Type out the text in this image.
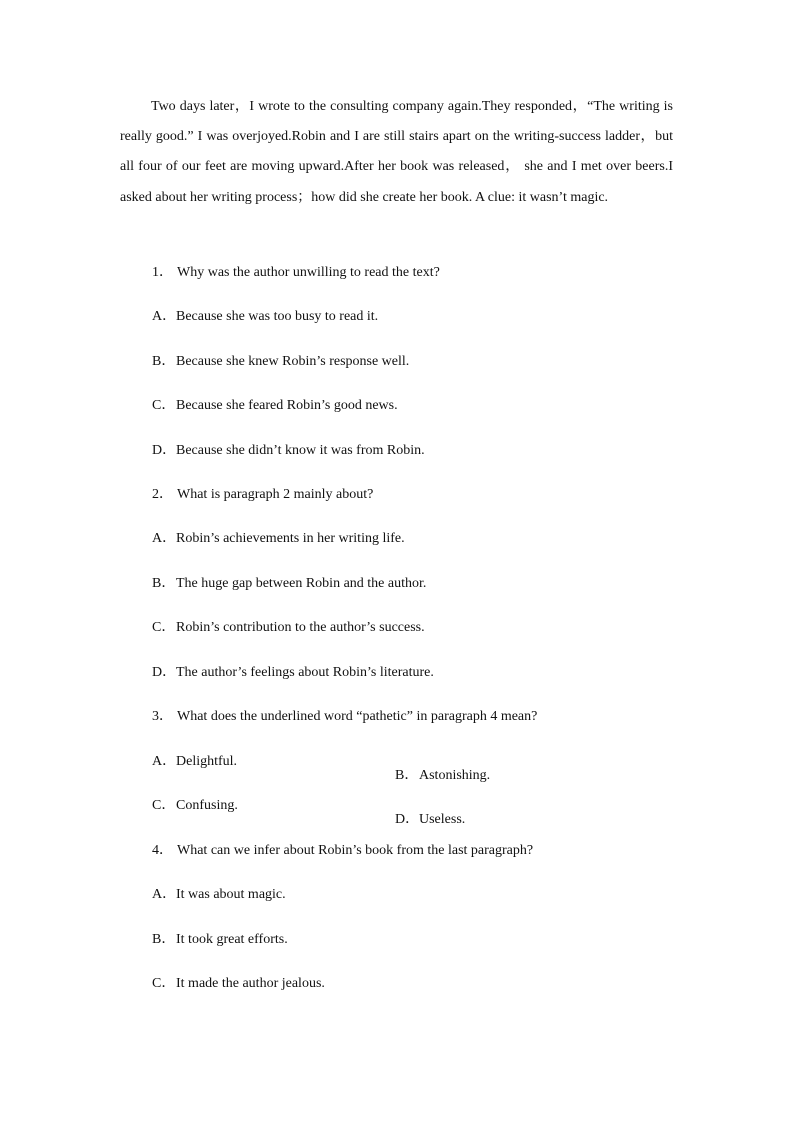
Two days later，I wrote to the consulting company again.They responded，“The writing is really good.” I was overjoyed.Robin and I are still stairs apart on the writing-success ladder，but all four of our feet are moving upward.After her book was released， she and I met over beers.I asked about her writing process；how did she create her book. A clue: it wasn’t magic.

1． Why was the author unwilling to read the text?

A．Because she was too busy to read it.

B．Because she knew Robin’s response well.

C．Because she feared Robin’s good news.

D．Because she didn’t know it was from Robin.

2． What is paragraph 2 mainly about?

A．Robin’s achievements in her writing life.

B．The huge gap between Robin and the author.

C．Robin’s contribution to the author’s success.

D．The author’s feelings about Robin’s literature.

3． What does the underlined word “pathetic” in paragraph 4 mean?

A．Delightful.

B．Astonishing.

C．Confusing.

D．Useless.

4． What can we infer about Robin’s book from the last paragraph?

A．It was about magic.

B．It took great efforts.

C．It made the author jealous.
